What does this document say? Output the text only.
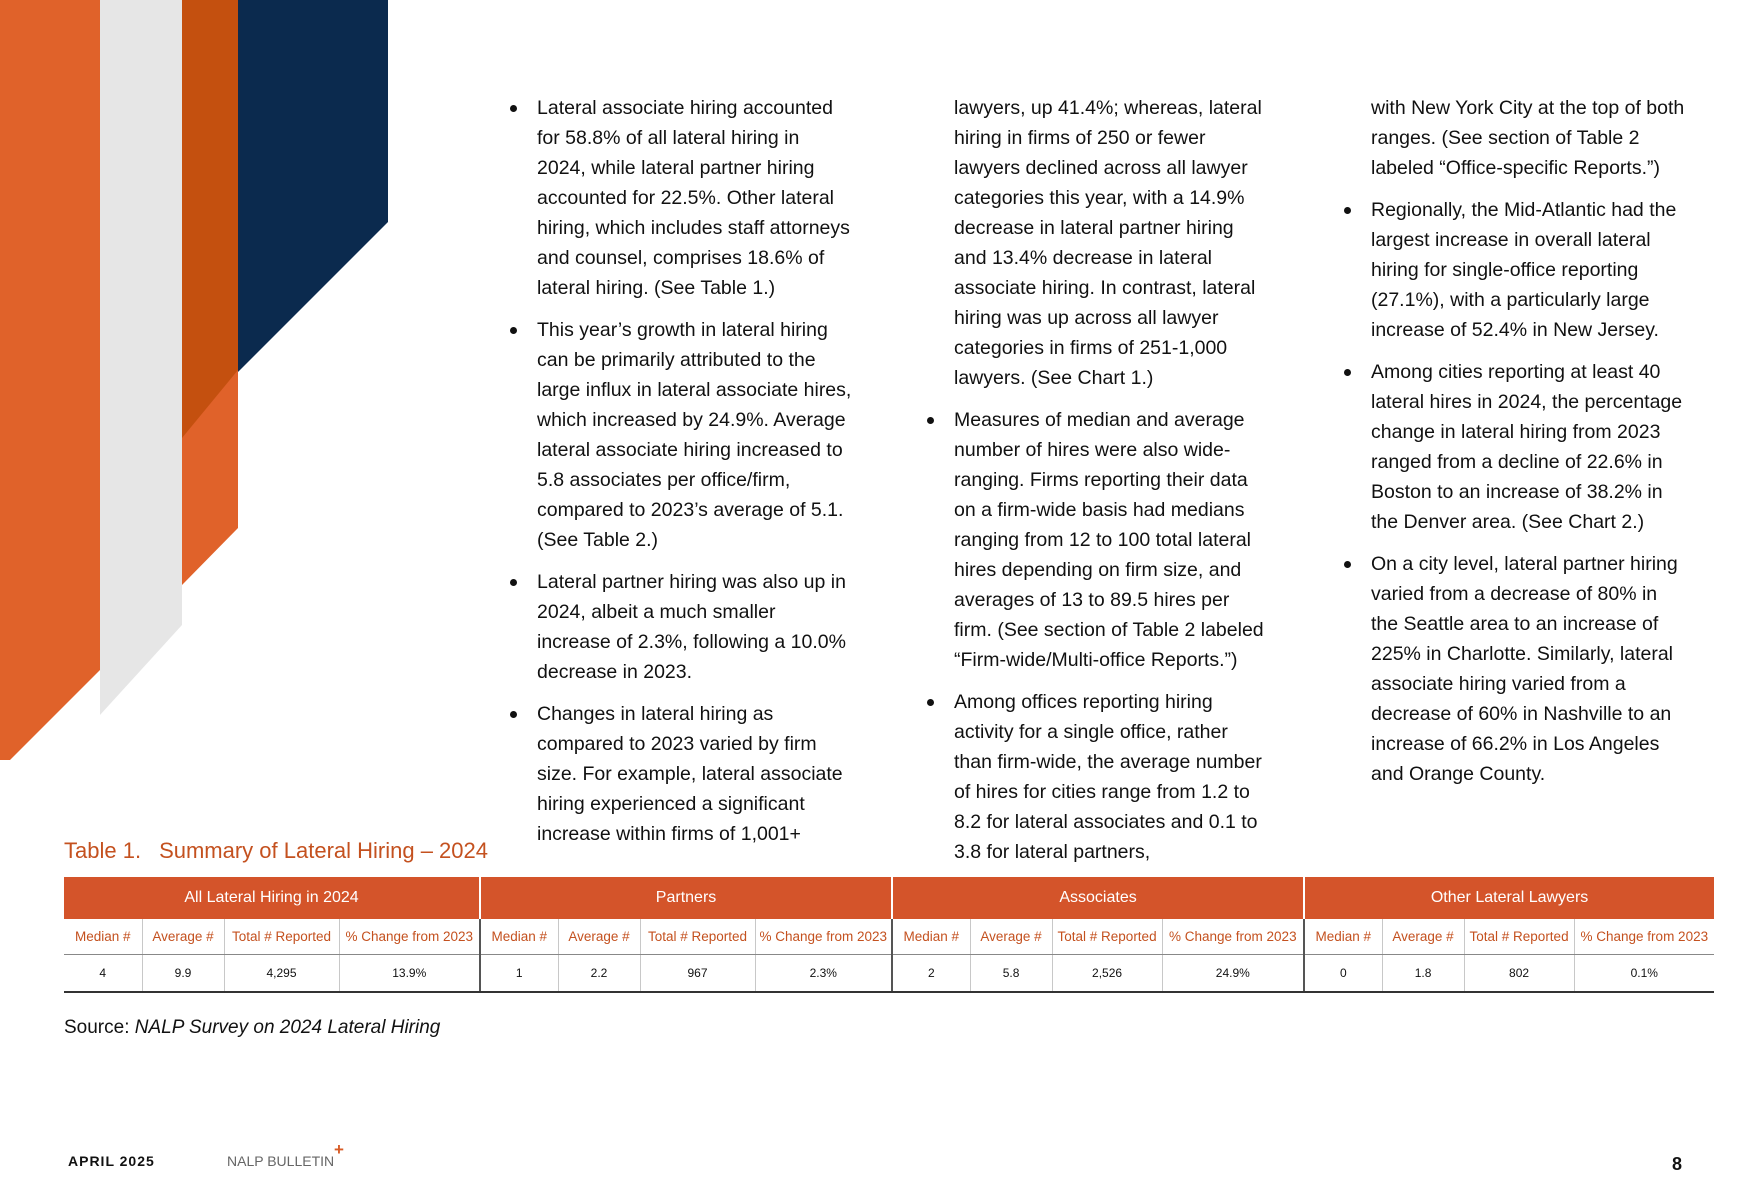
Lateral associate hiring accounted for 58.8% of all lateral hiring in 2024, while lateral partner hiring accounted for 22.5%. Other lateral hiring, which includes staff attorneys and counsel, comprises 18.6% of lateral hiring. (See Table 1.)
This year’s growth in lateral hiring can be primarily attributed to the large influx in lateral associate hires, which increased by 24.9%. Average lateral associate hiring increased to 5.8 associates per office/firm, compared to 2023’s average of 5.1. (See Table 2.)
Lateral partner hiring was also up in 2024, albeit a much smaller increase of 2.3%, following a 10.0% decrease in 2023.
Changes in lateral hiring as compared to 2023 varied by firm size. For example, lateral associate hiring experienced a significant increase within firms of 1,001+
lawyers, up 41.4%; whereas, lateral hiring in firms of 250 or fewer lawyers declined across all lawyer categories this year, with a 14.9% decrease in lateral partner hiring and 13.4% decrease in lateral associate hiring. In contrast, lateral hiring was up across all lawyer categories in firms of 251-1,000 lawyers. (See Chart 1.)
Measures of median and average number of hires were also wide-ranging. Firms reporting their data on a firm-wide basis had medians ranging from 12 to 100 total lateral hires depending on firm size, and averages of 13 to 89.5 hires per firm. (See section of Table 2 labeled “Firm-wide/Multi-office Reports.”)
Among offices reporting hiring activity for a single office, rather than firm-wide, the average number of hires for cities range from 1.2 to 8.2 for lateral associates and 0.1 to 3.8 for lateral partners,
with New York City at the top of both ranges. (See section of Table 2 labeled “Office-specific Reports.”)
Regionally, the Mid-Atlantic had the largest increase in overall lateral hiring for single-office reporting (27.1%), with a particularly large increase of 52.4% in New Jersey.
Among cities reporting at least 40 lateral hires in 2024, the percentage change in lateral hiring from 2023 ranged from a decline of 22.6% in Boston to an increase of 38.2% in the Denver area. (See Chart 2.)
On a city level, lateral partner hiring varied from a decrease of 80% in the Seattle area to an increase of 225% in Charlotte. Similarly, lateral associate hiring varied from a decrease of 60% in Nashville to an increase of 66.2% in Los Angeles and Orange County.
Table 1. Summary of Lateral Hiring – 2024
All Lateral Hiring in 2024				Partners				Associates				Other Lateral Lawyers			
Median #	Average #	Total # Reported	% Change from 2023	Median #	Average #	Total # Reported	% Change from 2023	Median #	Average #	Total # Reported	% Change from 2023	Median #	Average #	Total # Reported	% Change from 2023
4	9.9	4,295	13.9%	1	2.2	967	2.3%	2	5.8	2,526	24.9%	0	1.8	802	0.1%
Source: NALP Survey on 2024 Lateral Hiring
APRIL 2025	NALP BULLETIN
+
8
